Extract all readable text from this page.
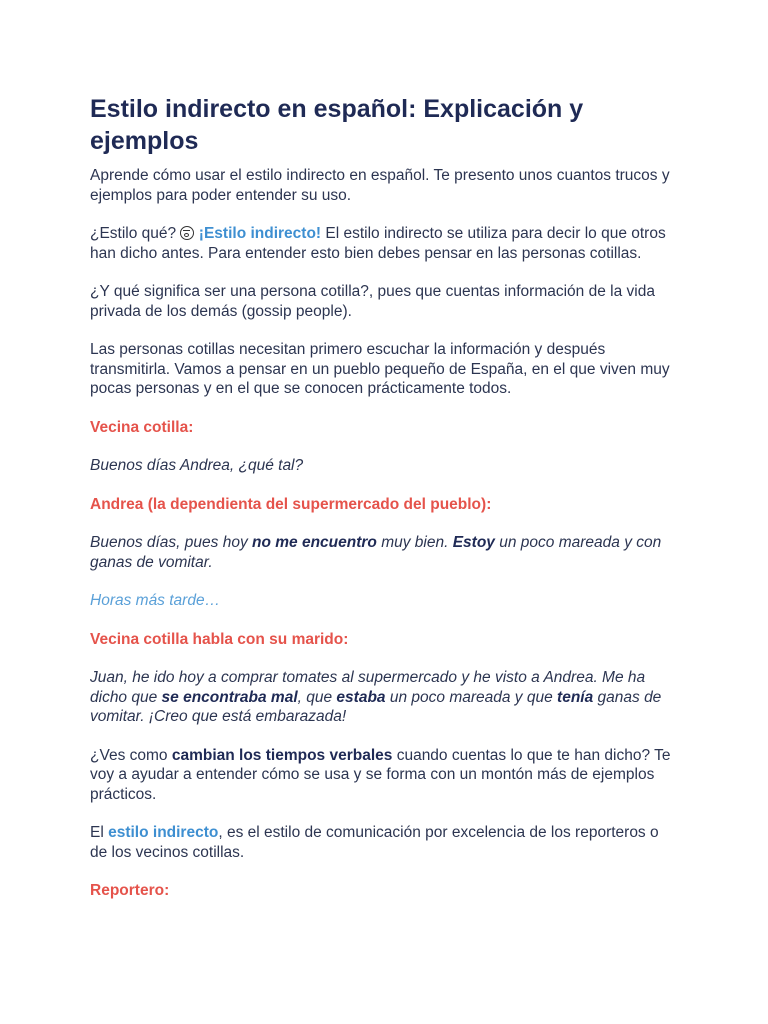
Estilo indirecto en español: Explicación y ejemplos

Aprende cómo usar el estilo indirecto en español. Te presento unos cuantos trucos y ejemplos para poder entender su uso.

¿Estilo qué? ¡Estilo indirecto! El estilo indirecto se utiliza para decir lo que otros han dicho antes. Para entender esto bien debes pensar en las personas cotillas.

¿Y qué significa ser una persona cotilla?, pues que cuentas información de la vida privada de los demás (gossip people).

Las personas cotillas necesitan primero escuchar la información y después transmitirla. Vamos a pensar en un pueblo pequeño de España, en el que viven muy pocas personas y en el que se conocen prácticamente todos.

Vecina cotilla:

Buenos días Andrea, ¿qué tal?

Andrea (la dependienta del supermercado del pueblo):

Buenos días, pues hoy no me encuentro muy bien. Estoy un poco mareada y con ganas de vomitar.

Horas más tarde…

Vecina cotilla habla con su marido:

Juan, he ido hoy a comprar tomates al supermercado y he visto a Andrea. Me ha dicho que se encontraba mal, que estaba un poco mareada y que tenía ganas de vomitar. ¡Creo que está embarazada!

¿Ves como cambian los tiempos verbales cuando cuentas lo que te han dicho? Te voy a ayudar a entender cómo se usa y se forma con un montón más de ejemplos prácticos.

El estilo indirecto, es el estilo de comunicación por excelencia de los reporteros o de los vecinos cotillas.

Reportero:
